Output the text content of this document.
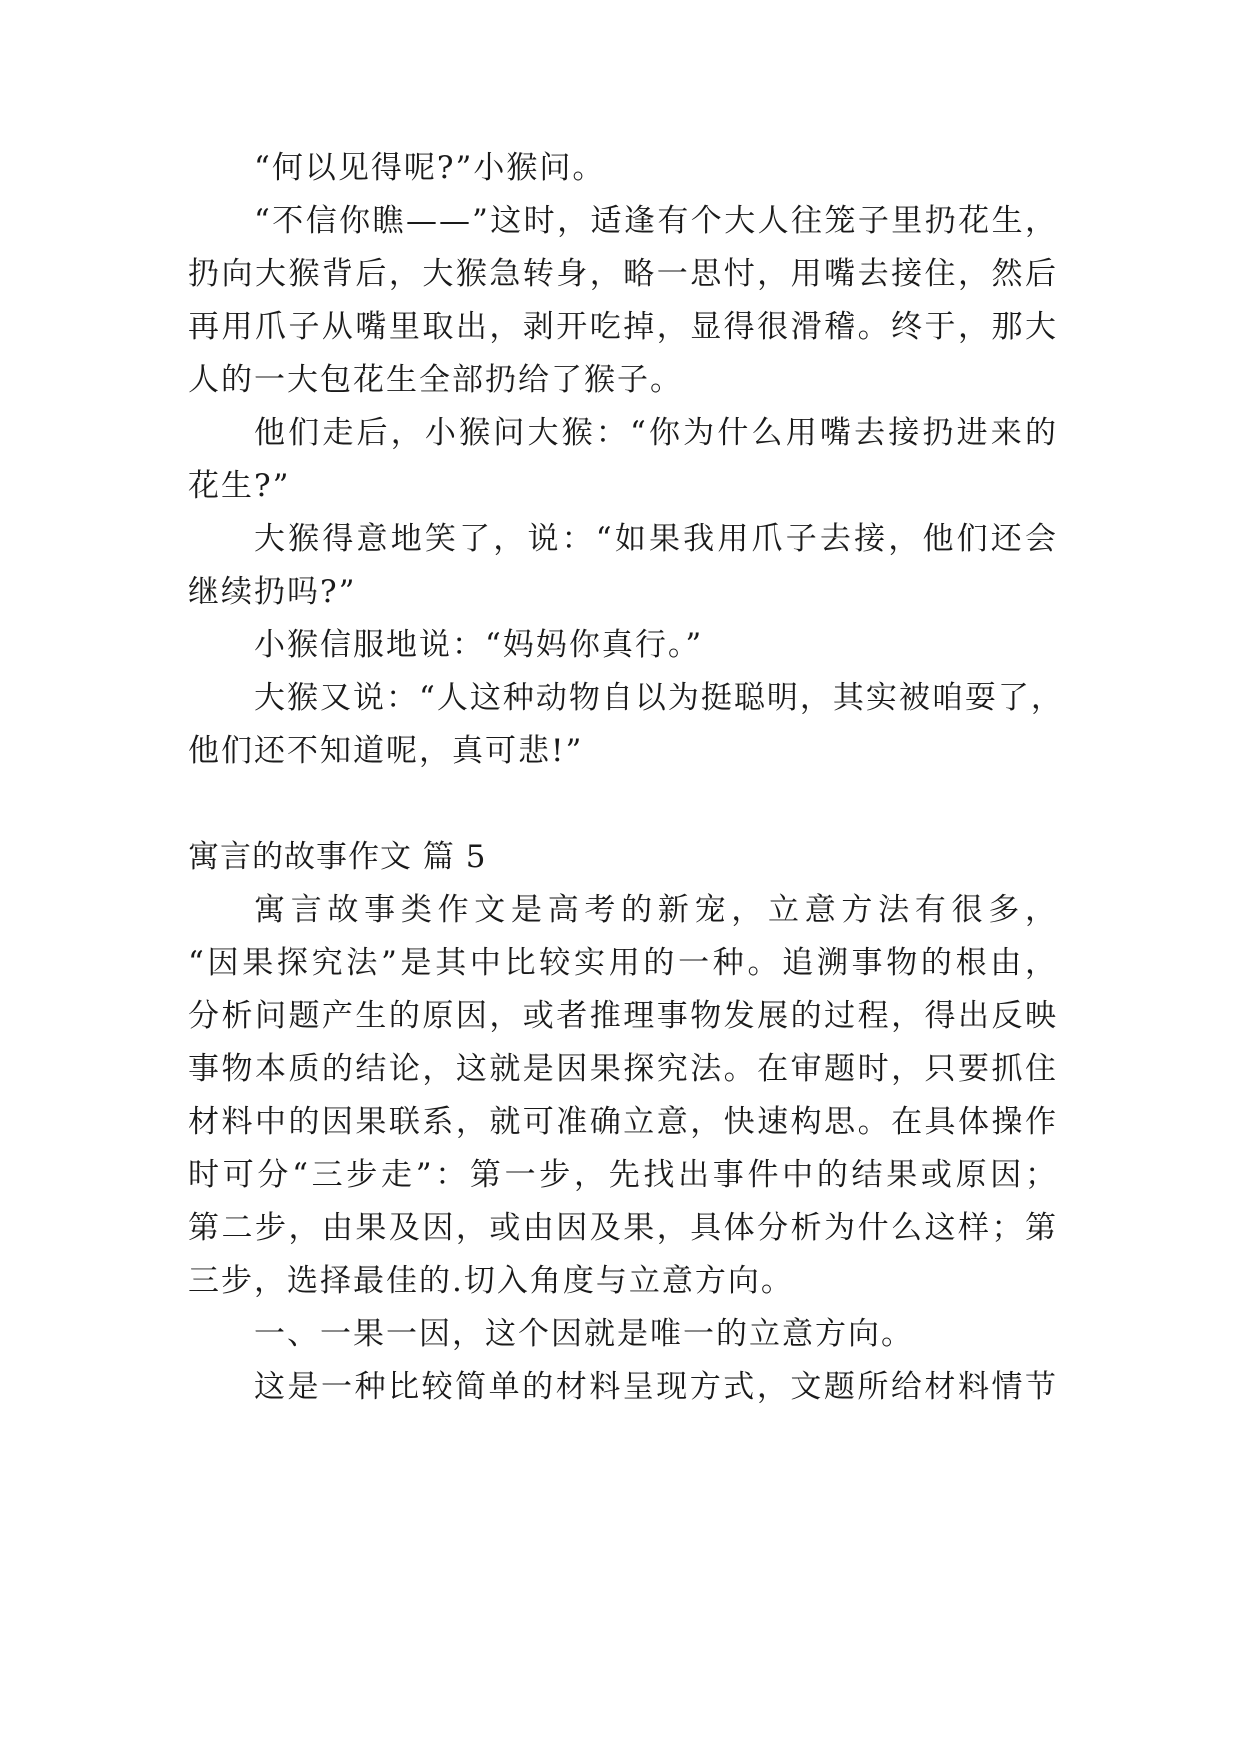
“何以见得呢?”小猴问。
“不信你瞧——”这时，适逢有个大人往笼子里扔花生，
扔向大猴背后，大猴急转身，略一思忖，用嘴去接住，然后
再用爪子从嘴里取出，剥开吃掉，显得很滑稽。终于，那大
人的一大包花生全部扔给了猴子。
他们走后，小猴问大猴：“你为什么用嘴去接扔进来的
花生?”
大猴得意地笑了，说：“如果我用爪子去接，他们还会
继续扔吗?”
小猴信服地说：“妈妈你真行。”
大猴又说：“人这种动物自以为挺聪明，其实被咱耍了，
他们还不知道呢，真可悲!”
寓言的故事作文 篇 5
寓言故事类作文是高考的新宠，立意方法有很多，
“因果探究法”是其中比较实用的一种。追溯事物的根由，
分析问题产生的原因，或者推理事物发展的过程，得出反映
事物本质的结论，这就是因果探究法。在审题时，只要抓住
材料中的因果联系，就可准确立意，快速构思。在具体操作
时可分“三步走”：第一步，先找出事件中的结果或原因；
第二步，由果及因，或由因及果，具体分析为什么这样；第
三步，选择最佳的.切入角度与立意方向。
一、一果一因，这个因就是唯一的立意方向。
这是一种比较简单的材料呈现方式，文题所给材料情节
